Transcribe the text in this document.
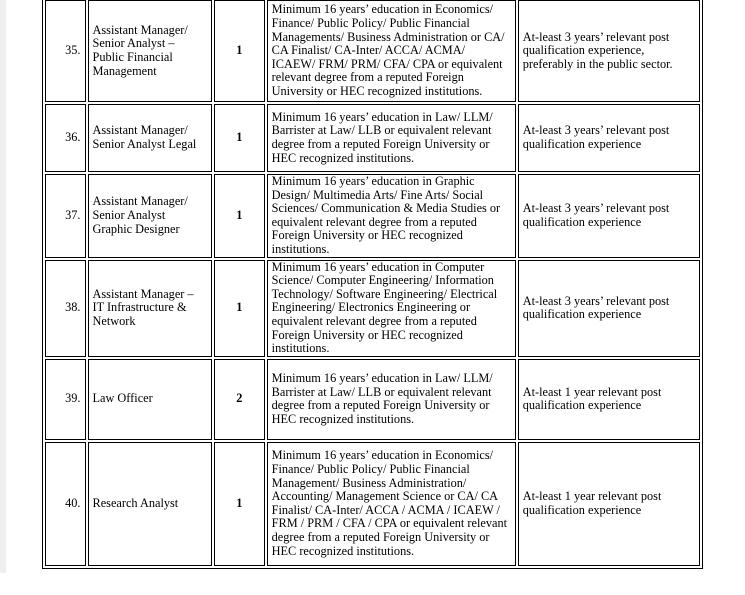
35.	Assistant Manager/ Senior Analyst – Public Financial Management	1	Minimum 16 years’ education in Economics/ Finance/ Public Policy/ Public Financial Managements/ Business Administration or CA/ CA Finalist/ CA-Inter/ ACCA/ ACMA/ ICAEW/ FRM/ PRM/ CFA/ CPA or equivalent relevant degree from a reputed Foreign University or HEC recognized institutions.	At-least 3 years’ relevant post qualification experience, preferably in the public sector.
36.	Assistant Manager/ Senior Analyst Legal	1	Minimum 16 years’ education in Law/ LLM/ Barrister at Law/ LLB or equivalent relevant degree from a reputed Foreign University or HEC recognized institutions.	At-least 3 years’ relevant post qualification experience
37.	Assistant Manager/ Senior Analyst Graphic Designer	1	Minimum 16 years’ education in Graphic Design/ Multimedia Arts/ Fine Arts/ Social Sciences/ Communication & Media Studies or equivalent relevant degree from a reputed Foreign University or HEC recognized institutions.	At-least 3 years’ relevant post qualification experience
38.	Assistant Manager – IT Infrastructure & Network	1	Minimum 16 years’ education in Computer Science/ Computer Engineering/ Information Technology/ Software Engineering/ Electrical Engineering/ Electronics Engineering or equivalent relevant degree from a reputed Foreign University or HEC recognized institutions.	At-least 3 years’ relevant post qualification experience
39.	Law Officer	2	Minimum 16 years’ education in Law/ LLM/ Barrister at Law/ LLB or equivalent relevant degree from a reputed Foreign University or HEC recognized institutions.	At-least 1 year relevant post qualification experience
40.	Research Analyst	1	Minimum 16 years’ education in Economics/ Finance/ Public Policy/ Public Financial Management/ Business Administration/ Accounting/ Management Science or CA/ CA Finalist/ CA-Inter/ ACCA / ACMA / ICAEW / FRM / PRM / CFA / CPA or equivalent relevant degree from a reputed Foreign University or HEC recognized institutions.	At-least 1 year relevant post qualification experience
